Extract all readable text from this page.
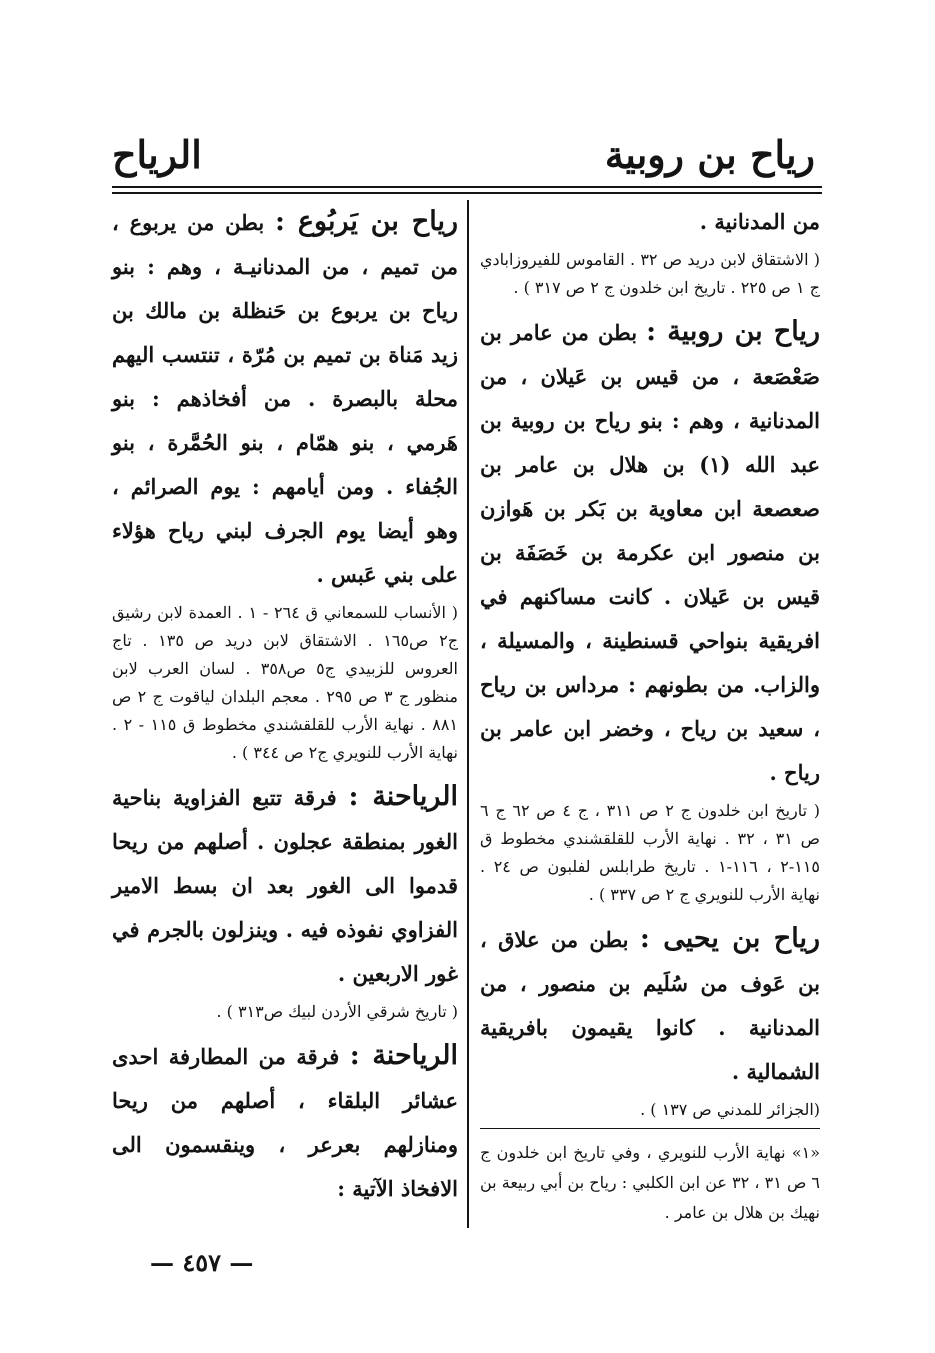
رياح بن روبية
الرياح

من المدنانية .

( الاشتقاق لابن دريد ص ٣٢ . القاموس للفيروزابادي ج ١ ص ٢٢٥ . تاريخ ابن خلدون ج ٢ ص ٣١٧ ) .

رياح بن روبية : بطن من عامر بن صَعْصَعة ، من قيس بن عَيلان ، من المدنانية ، وهم : بنو رياح بن روبية بن عبد الله (١) بن هلال بن عامر بن صعصعة ابن معاوية بن بَكر بن هَوازن بن منصور ابن عكرمة بن خَصَفَة بن قيس بن عَيلان . كانت مساكنهم في افريقية بنواحي قسنطينة ، والمسيلة ، والزاب. من بطونهم : مرداس بن رياح ، سعيد بن رياح ، وخضر ابن عامر بن رياح .

( تاريخ ابن خلدون ج ٢ ص ٣١١ ، ج ٤ ص ٦٢ ج ٦ ص ٣١ ، ٣٢ . نهاية الأرب للقلقشندي مخطوط ق ١١٥-٢ ، ١١٦-١ . تاريخ طرابلس لفلبون ص ٢٤ . نهاية الأرب للنويري ج ٢ ص ٣٣٧ ) .

رياح بن يحيى : بطن من علاق ، بن عَوف من سُلَيم بن منصور ، من المدنانية . كانوا يقيمون بافريقية الشمالية .

(الجزائر للمدني ص ١٣٧ ) .

«١» نهاية الأرب للنويري ، وفي تاريخ ابن خلدون ج ٦ ص ٣١ ، ٣٢ عن ابن الكلبي : رياح بن أبي ربيعة بن نهيك بن هلال بن عامر .

رياح بن يَربُوع : بطن من يربوع ، من تميم ، من المدنانيـة ، وهم : بنو رياح بن يربوع بن حَنظلة بن مالك بن زيد مَناة بن تميم بن مُرّة ، تنتسب اليهم محلة بالبصرة . من أفخاذهم : بنو هَرمي ، بنو همّام ، بنو الحُمَّرة ، بنو الجُفاء . ومن أيامهم : يوم الصرائم ، وهو أيضا يوم الجرف لبني رياح هؤلاء على بني عَبس .

( الأنساب للسمعاني ق ٢٦٤ - ١ . العمدة لابن رشيق ج٢ ص١٦٥ . الاشتقاق لابن دريد ص ١٣٥ . تاج العروس للزبيدي ج٥ ص٣٥٨ . لسان العرب لابن منظور ج ٣ ص ٢٩٥ . معجم البلدان لياقوت ج ٢ ص ٨٨١ . نهاية الأرب للقلقشندي مخطوط ق ١١٥ - ٢ . نهاية الأرب للنويري ج٢ ص ٣٤٤ ) .

الرياحنة : فرقة تتبع الفزاوية بناحية الغور بمنطقة عجلون . أصلهم من ريحا قدموا الى الغور بعد ان بسط الامير الفزاوي نفوذه فيه . وينزلون بالجرم في غور الاربعين .

( تاريخ شرقي الأردن لبيك ص٣١٣ ) .

الرياحنة : فرقة من المطارفة احدى عشائر البلقاء ، أصلهم من ريحا ومنازلهم بعرعر ، وينقسمون الى الافخاذ الآتية :

— ٤٥٧ —
